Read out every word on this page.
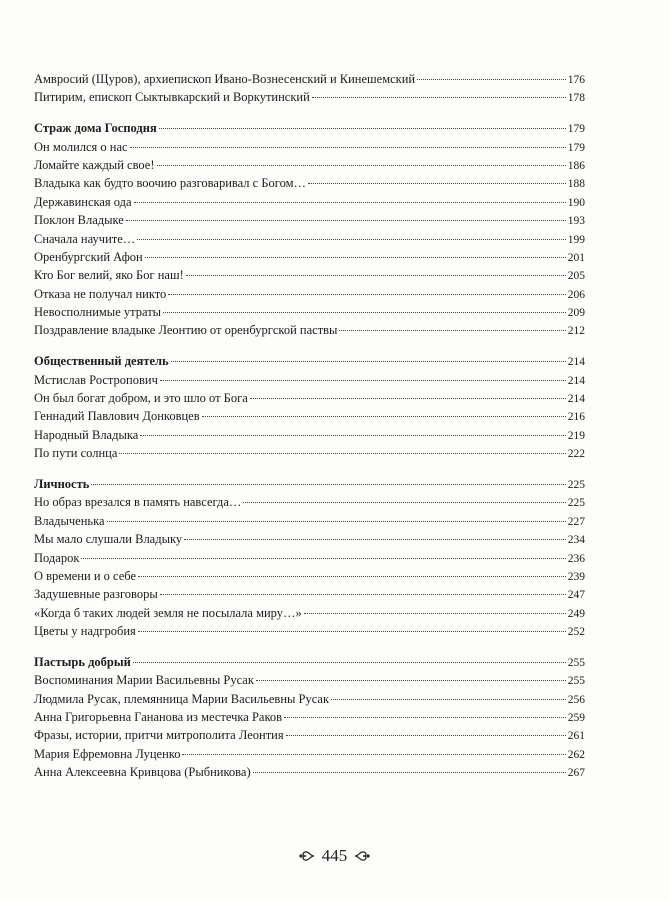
Амвросий (Щуров), архиепископ Ивано-Вознесенский и Кинешемский	176
Питирим, епископ Сыктывкарский и Воркутинский	178
Страж дома Господня	179
Он молился о нас	179
Ломайте каждый свое!	186
Владыка как будто воочию разговаривал с Богом…	188
Державинская ода	190
Поклон Владыке	193
Сначала научите…	199
Оренбургский Афон	201
Кто Бог велий, яко Бог наш!	205
Отказа не получал никто	206
Невосполнимые утраты	209
Поздравление владыке Леонтию от оренбургской паствы	212
Общественный деятель	214
Мстислав Ростропович	214
Он был богат добром, и это шло от Бога	214
Геннадий Павлович Донковцев	216
Народный Владыка	219
По пути солнца	222
Личность	225
Но образ врезался в память навсегда…	225
Владыченька	227
Мы мало слушали Владыку	234
Подарок	236
О времени и о себе	239
Задушевные разговоры	247
«Когда б таких людей земля не посылала миру…»	249
Цветы у надгробия	252
Пастырь добрый	255
Воспоминания Марии Васильевны Русак	255
Людмила Русак, племянница Марии Васильевны Русак	256
Анна Григорьевна Гананова из местечка Раков	259
Фразы, истории, притчи митрополита Леонтия	261
Мария Ефремовна Луценко	262
Анна Алексеевна Кривцова (Рыбникова)	267
445
